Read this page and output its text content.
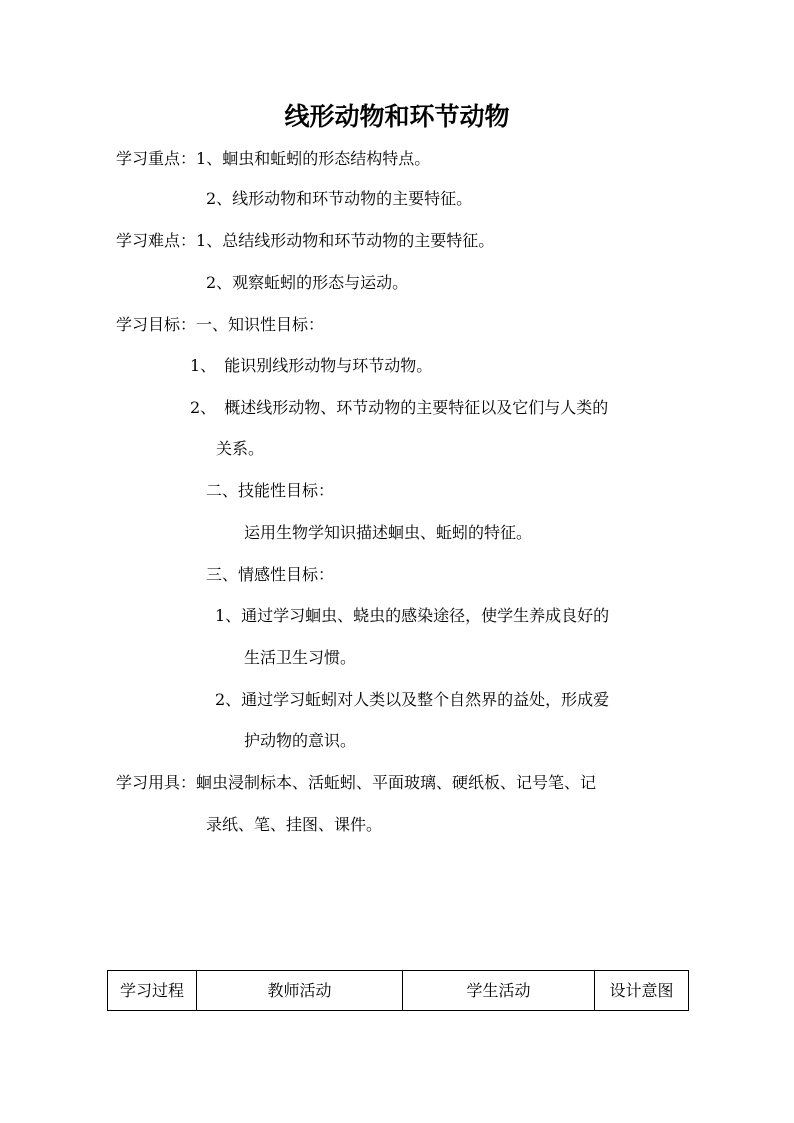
线形动物和环节动物
学习重点：1、蛔虫和蚯蚓的形态结构特点。
2、线形动物和环节动物的主要特征。
学习难点：1、总结线形动物和环节动物的主要特征。
2、观察蚯蚓的形态与运动。
学习目标：一、知识性目标：
1、 能识别线形动物与环节动物。
2、 概述线形动物、环节动物的主要特征以及它们与人类的
关系。
二、技能性目标：
运用生物学知识描述蛔虫、蚯蚓的特征。
三、情感性目标：
1、通过学习蛔虫、蛲虫的感染途径，使学生养成良好的
生活卫生习惯。
2、通过学习蚯蚓对人类以及整个自然界的益处，形成爱
护动物的意识。
学习用具：蛔虫浸制标本、活蚯蚓、平面玻璃、硬纸板、记号笔、记
录纸、笔、挂图、课件。
学习过程	教师活动	学生活动	设计意图
